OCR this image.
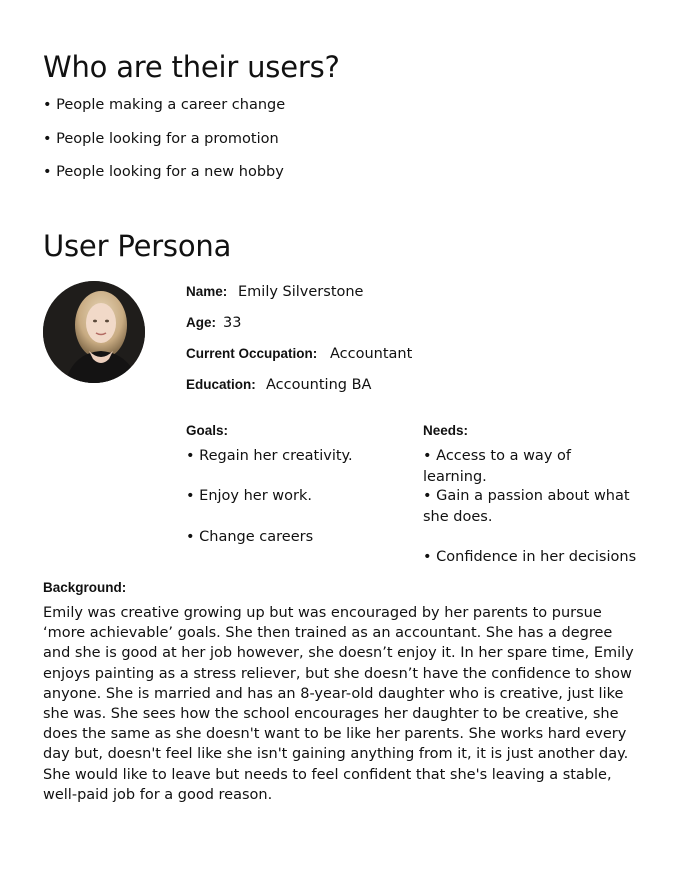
Who are their users?
• People making a career change
• People looking for a promotion
• People looking for a new hobby
User Persona
Name: Emily Silverstone
Age: 33
Current Occupation: Accountant
Education: Accounting BA
Goals:
• Regain her creativity.
• Enjoy her work.
• Change careers
Needs:
• Access to a way of learning.
• Gain a passion about what she does.
• Confidence in her decisions
Background:
Emily was creative growing up but was encouraged by her parents to pursue ‘more achievable’ goals. She then trained as an accountant. She has a degree and she is good at her job however, she doesn’t enjoy it. In her spare time, Emily enjoys painting as a stress reliever, but she doesn’t have the confidence to show anyone. She is married and has an 8-year-old daughter who is creative, just like she was. She sees how the school encourages her daughter to be creative, she does the same as she doesn't want to be like her parents. She works hard every day but, doesn't feel like she isn't gaining anything from it, it is just another day. She would like to leave but needs to feel confident that she's leaving a stable, well-paid job for a good reason.
